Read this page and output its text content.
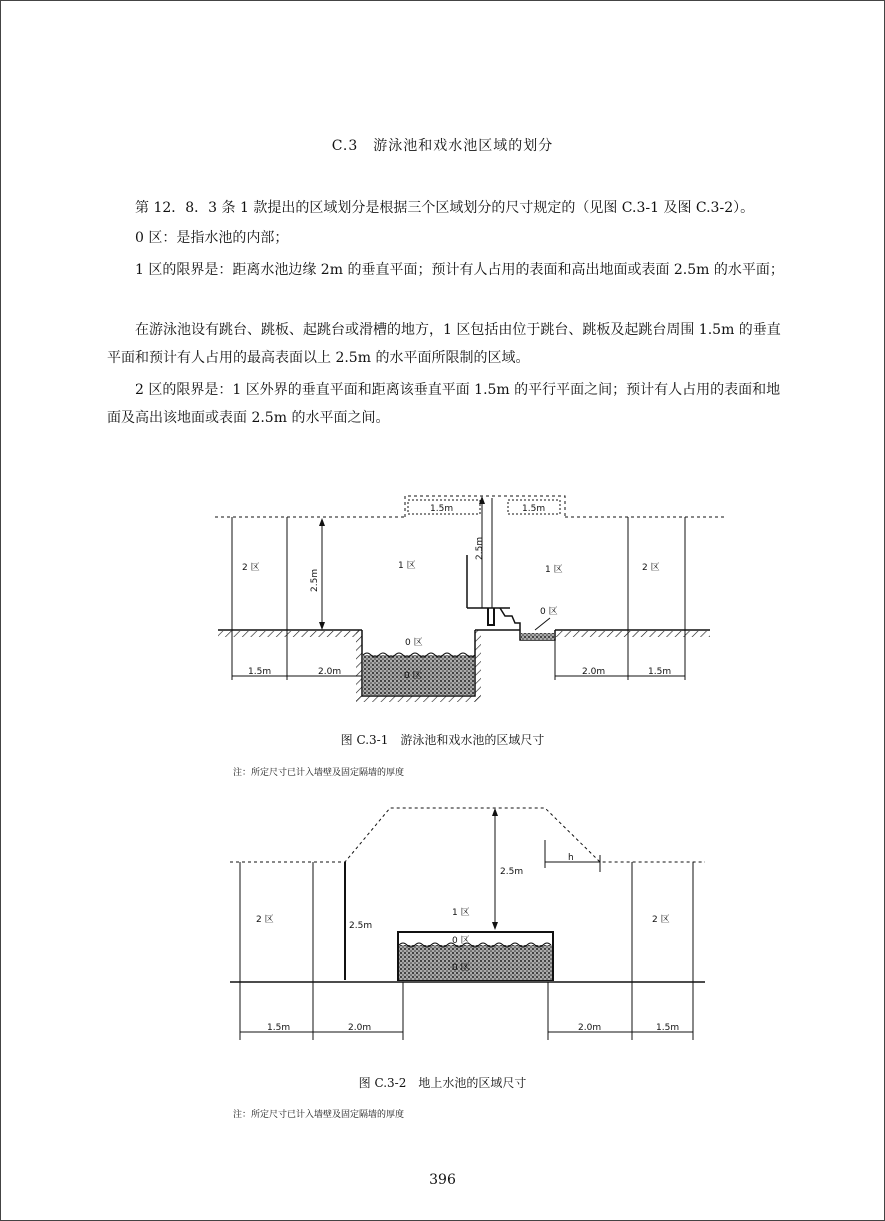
C.3　游泳池和戏水池区域的划分

第 12．8．3 条 1 款提出的区域划分是根据三个区域划分的尺寸规定的（见图 C.3-1 及图 C.3-2）。

0 区：是指水池的内部；

1 区的限界是：距离水池边缘 2m 的垂直平面；预计有人占用的表面和高出地面或表面 2.5m 的水平面；

在游泳池设有跳台、跳板、起跳台或滑槽的地方，1 区包括由位于跳台、跳板及起跳台周围 1.5m 的垂直平面和预计有人占用的最高表面以上 2.5m 的水平面所限制的区域。

2 区的限界是：1 区外界的垂直平面和距离该垂直平面 1.5m 的平行平面之间；预计有人占用的表面和地面及高出该地面或表面 2.5m 的水平面之间。

2 区	1 区	1 区	2 区
0 区
0 区
0 区
2.5m
2.5m
1.5m	1.5m
1.5m	2.0m	2.0m	1.5m
图 C.3-1　游泳池和戏水池的区域尺寸
注：所定尺寸已计入墙壁及固定隔墙的厚度
2 区
1 区
2 区
0 区
0 区
2.5m
2.5m
h
1.5m	2.0m	2.0m	1.5m
图 C.3-2　地上水池的区域尺寸
注：所定尺寸已计入墙壁及固定隔墙的厚度
396
